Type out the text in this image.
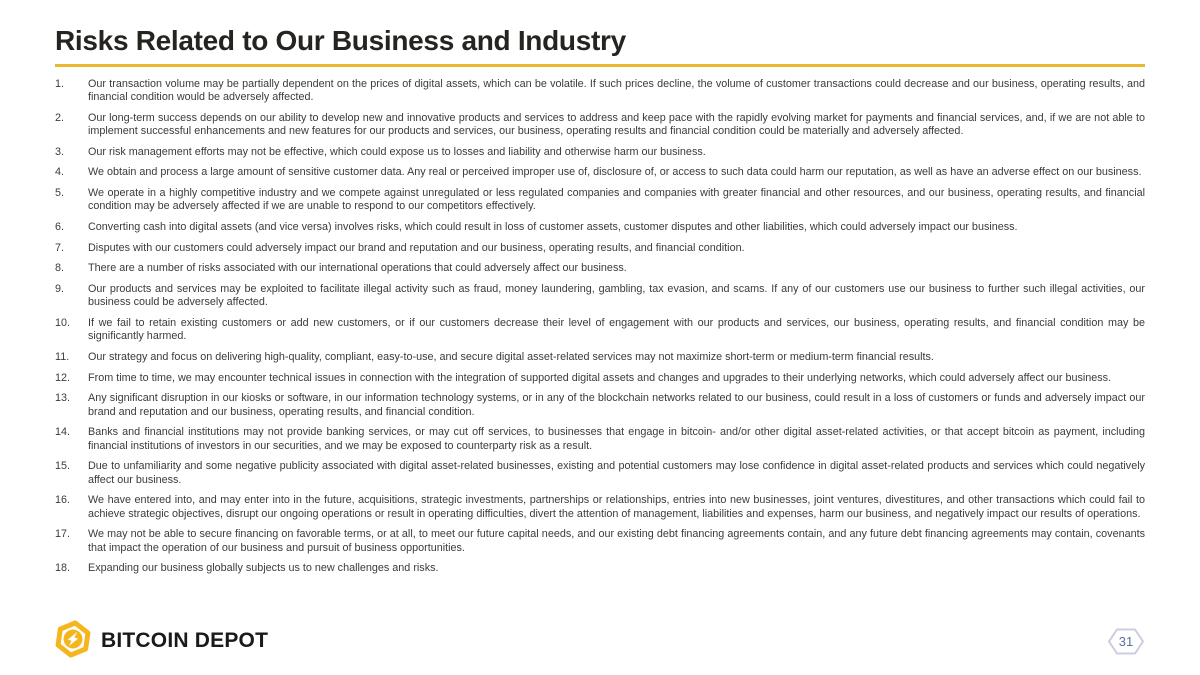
Risks Related to Our Business and Industry
1.	Our transaction volume may be partially dependent on the prices of digital assets, which can be volatile. If such prices decline, the volume of customer transactions could decrease and our business, operating results, and financial condition would be adversely affected.
2.	Our long-term success depends on our ability to develop new and innovative products and services to address and keep pace with the rapidly evolving market for payments and financial services, and, if we are not able to implement successful enhancements and new features for our products and services, our business, operating results and financial condition could be materially and adversely affected.
3.	Our risk management efforts may not be effective, which could expose us to losses and liability and otherwise harm our business.
4.	We obtain and process a large amount of sensitive customer data. Any real or perceived improper use of, disclosure of, or access to such data could harm our reputation, as well as have an adverse effect on our business.
5.	We operate in a highly competitive industry and we compete against unregulated or less regulated companies and companies with greater financial and other resources, and our business, operating results, and financial condition may be adversely affected if we are unable to respond to our competitors effectively.
6.	Converting cash into digital assets (and vice versa) involves risks, which could result in loss of customer assets, customer disputes and other liabilities, which could adversely impact our business.
7.	Disputes with our customers could adversely impact our brand and reputation and our business, operating results, and financial condition.
8.	There are a number of risks associated with our international operations that could adversely affect our business.
9.	Our products and services may be exploited to facilitate illegal activity such as fraud, money laundering, gambling, tax evasion, and scams. If any of our customers use our business to further such illegal activities, our business could be adversely affected.
10.	If we fail to retain existing customers or add new customers, or if our customers decrease their level of engagement with our products and services, our business, operating results, and financial condition may be significantly harmed.
11.	Our strategy and focus on delivering high-quality, compliant, easy-to-use, and secure digital asset-related services may not maximize short-term or medium-term financial results.
12.	From time to time, we may encounter technical issues in connection with the integration of supported digital assets and changes and upgrades to their underlying networks, which could adversely affect our business.
13.	Any significant disruption in our kiosks or software, in our information technology systems, or in any of the blockchain networks related to our business, could result in a loss of customers or funds and adversely impact our brand and reputation and our business, operating results, and financial condition.
14.	Banks and financial institutions may not provide banking services, or may cut off services, to businesses that engage in bitcoin- and/or other digital asset-related activities, or that accept bitcoin as payment, including financial institutions of investors in our securities, and we may be exposed to counterparty risk as a result.
15.	Due to unfamiliarity and some negative publicity associated with digital asset-related businesses, existing and potential customers may lose confidence in digital asset-related products and services which could negatively affect our business.
16.	We have entered into, and may enter into in the future, acquisitions, strategic investments, partnerships or relationships, entries into new businesses, joint ventures, divestitures, and other transactions which could fail to achieve strategic objectives, disrupt our ongoing operations or result in operating difficulties, divert the attention of management, liabilities and expenses, harm our business, and negatively impact our results of operations.
17.	We may not be able to secure financing on favorable terms, or at all, to meet our future capital needs, and our existing debt financing agreements contain, and any future debt financing agreements may contain, covenants that impact the operation of our business and pursuit of business opportunities.
18.	Expanding our business globally subjects us to new challenges and risks.
BITCOIN DEPOT	31
